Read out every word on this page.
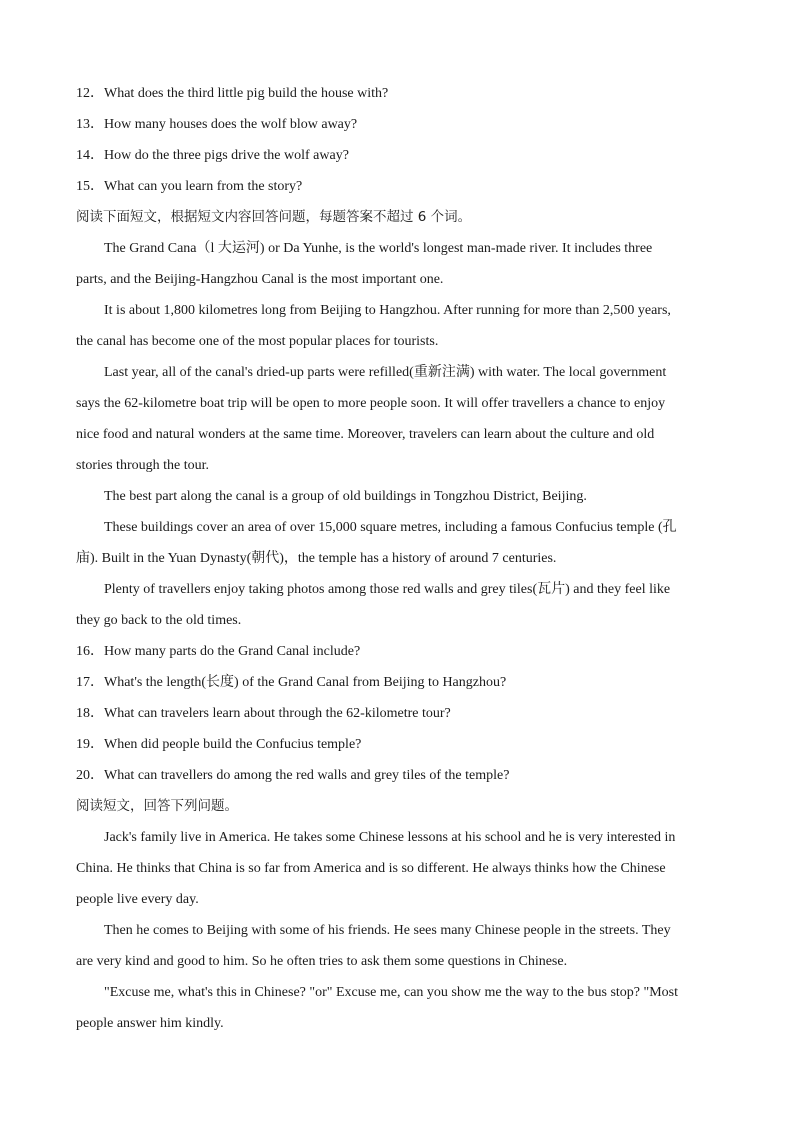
12．What does the third little pig build the house with?

13．How many houses does the wolf blow away?

14．How do the three pigs drive the wolf away?

15．What can you learn from the story?

阅读下面短文，根据短文内容回答问题，每题答案不超过 6 个词。

The Grand Cana（l 大运河) or Da Yunhe, is the world's longest man-made river. It includes three
parts, and the Beijing-Hangzhou Canal is the most important one.

It is about 1,800 kilometres long from Beijing to Hangzhou. After running for more than 2,500 years,
the canal has become one of the most popular places for tourists.

Last year, all of the canal's dried-up parts were refilled(重新注满) with water. The local government
says the 62-kilometre boat trip will be open to more people soon. It will offer travellers a chance to enjoy
nice food and natural wonders at the same time. Moreover, travelers can learn about the culture and old
stories through the tour.

The best part along the canal is a group of old buildings in Tongzhou District, Beijing.

These buildings cover an area of over 15,000 square metres, including a famous Confucius temple (孔
庙). Built in the Yuan Dynasty(朝代)，the temple has a history of around 7 centuries.

Plenty of travellers enjoy taking photos among those red walls and grey tiles(瓦片) and they feel like
they go back to the old times.

16．How many parts do the Grand Canal include?

17．What's the length(长度) of the Grand Canal from Beijing to Hangzhou?

18．What can travelers learn about through the 62-kilometre tour?

19．When did people build the Confucius temple?

20．What can travellers do among the red walls and grey tiles of the temple?

阅读短文，回答下列问题。

Jack's family live in America. He takes some Chinese lessons at his school and he is very interested in
China. He thinks that China is so far from America and is so different. He always thinks how the Chinese
people live every day.

Then he comes to Beijing with some of his friends. He sees many Chinese people in the streets. They
are very kind and good to him. So he often tries to ask them some questions in Chinese.

"Excuse me, what's this in Chinese? "or" Excuse me, can you show me the way to the bus stop? "Most
people answer him kindly.
